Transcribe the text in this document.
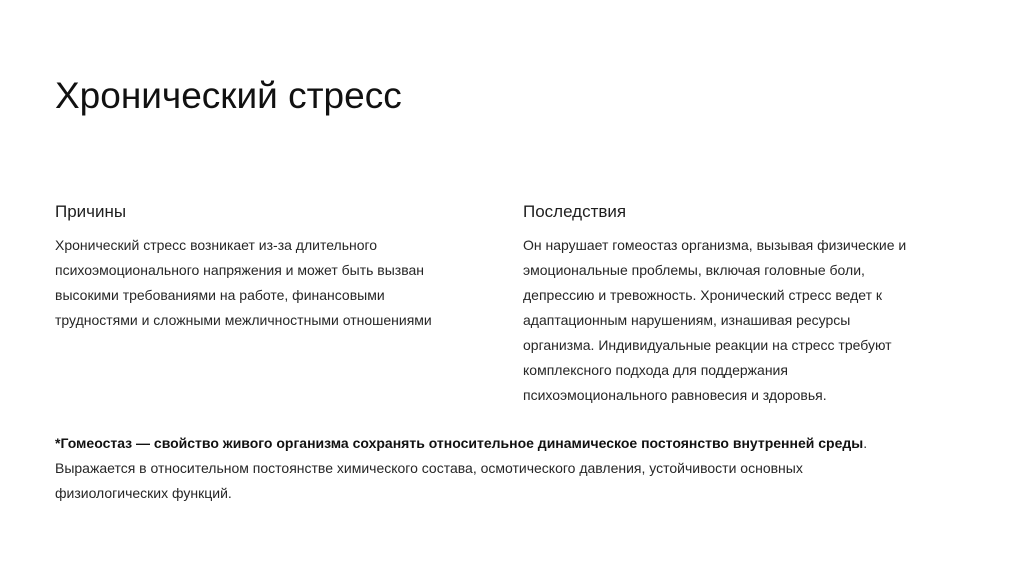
Хронический стресс
Причины
Хронический стресс возникает из-за длительного
психоэмоционального напряжения и может быть вызван
высокими требованиями на работе, финансовыми
трудностями и сложными межличностными отношениями
Последствия
Он нарушает гомеостаз организма, вызывая физические и
эмоциональные проблемы, включая головные боли,
депрессию и тревожность. Хронический стресс ведет к
адаптационным нарушениям, изнашивая ресурсы
организма. Индивидуальные реакции на стресс требуют
комплексного подхода для поддержания
психоэмоционального равновесия и здоровья.
*Гомеостаз — свойство живого организма сохранять относительное динамическое постоянство внутренней среды.
Выражается в относительном постоянстве химического состава, осмотического давления, устойчивости основных
физиологических функций.
